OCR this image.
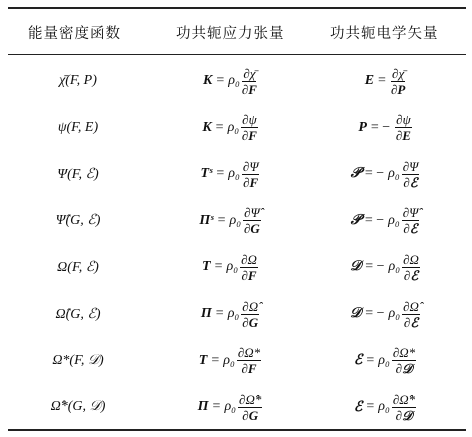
能量密度函数	功共轭应力张量	功共轭电学矢量
χ̄(F, P)	$K = \rho_0 \frac{\partial\chī}{\partial F}$	$E = \frac{\partial\chī}{\partial P}$
ψ(F, E)	$K = \rho_0 \frac{\partial\psi}{\partial F}$	P = − $\frac{\partial\psi}{\partial E}$
Ψ(F, ℰ)	Tˢ = $\rho_0 \frac{\partial\Psi}{\partial F}$	𝒫 = − $\rho_0 \frac{\partial\Psi}{\text{∂ℰ}}$
Ψ̂(G, ℰ)	Πˢ = $\rho_0 \frac{\partial\Psî}{\partial G}$	𝒫 = − $\rho_0 \frac{\partial\Psî}{\text{∂ℰ}}$
Ω(F, ℰ)	$T = \rho_0 \frac{\partial\Omega}{\partial F}$	𝒟 = − $\rho_0 \frac{\partial\Omega}{\text{∂ℰ}}$
Ω̂(G, ℰ)	$\Pi = \rho_0 \frac{\partial\Omegâ}{\partial G}$	𝒟 = − $\rho_0 \frac{\partial\Omegâ}{\text{∂ℰ}}$
Ω*(F, 𝒟)	$T = \rho_0 \frac{\partial\Omega*}{\partial F}$	ℰ = $\rho_0 \frac{\partial\Omega*}{\text{∂𝒟}}$
Ω̂*(G, 𝒟)	$\Pi = \rho_0 \frac{\partial\Omegâ*}{\partial G}$	ℰ = $\rho_0 \frac{\partial\Omegâ*}{\text{∂𝒟}}$
